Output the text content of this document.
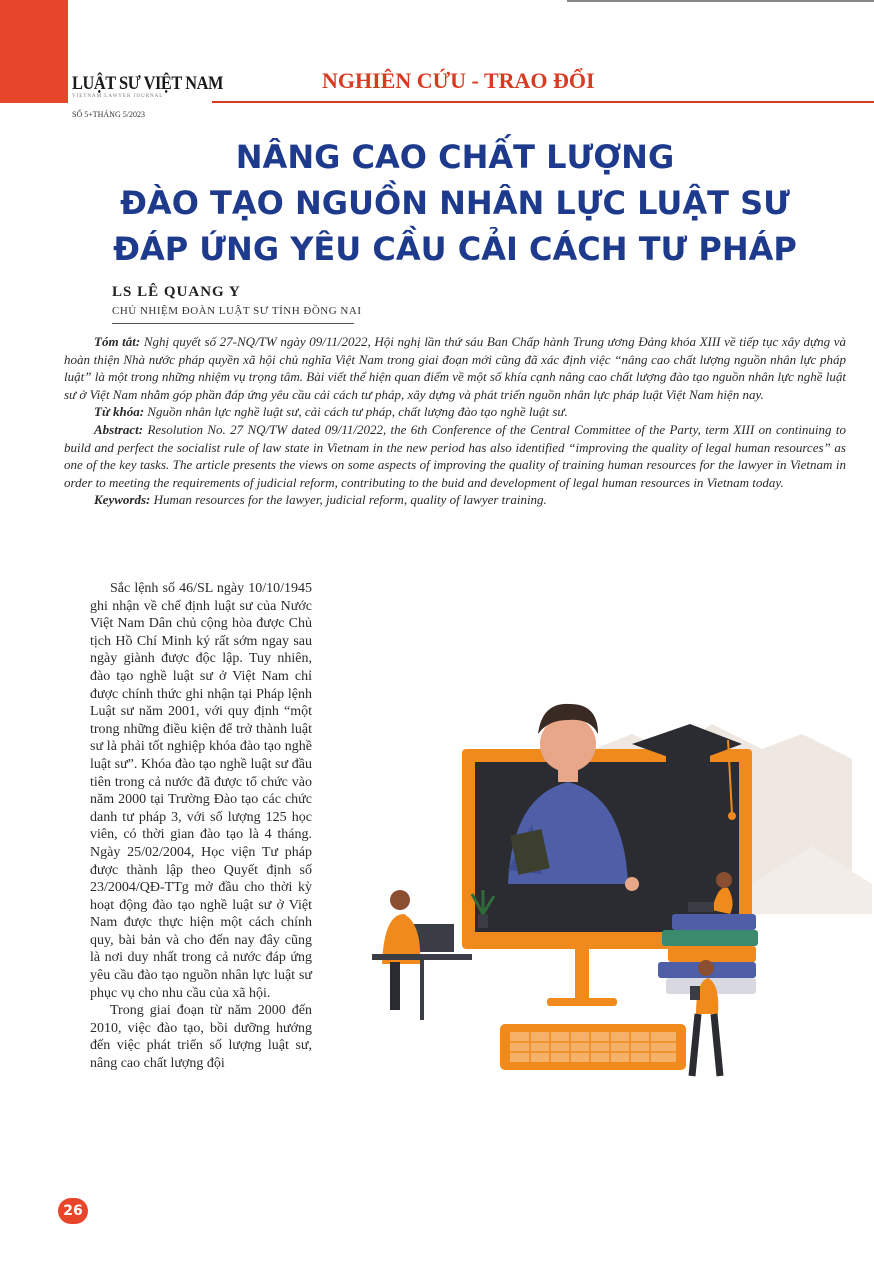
LUẬT SƯ VIỆT NAM
VIETNAM LAWYER JOURNAL
SỐ 5+THÁNG 5/2023
NGHIÊN CỨU - TRAO ĐỔI
NÂNG CAO CHẤT LƯỢNG
ĐÀO TẠO NGUỒN NHÂN LỰC LUẬT SƯ
ĐÁP ỨNG YÊU CẦU CẢI CÁCH TƯ PHÁP
LS LÊ QUANG Y
CHỦ NHIỆM ĐOÀN LUẬT SƯ TỈNH ĐỒNG NAI

Tóm tắt: Nghị quyết số 27-NQ/TW ngày 09/11/2022, Hội nghị lần thứ sáu Ban Chấp hành Trung ương Đảng khóa XIII về tiếp tục xây dựng và hoàn thiện Nhà nước pháp quyền xã hội chủ nghĩa Việt Nam trong giai đoạn mới cũng đã xác định việc “nâng cao chất lượng nguồn nhân lực pháp luật” là một trong những nhiệm vụ trọng tâm. Bài viết thể hiện quan điểm về một số khía cạnh nâng cao chất lượng đào tạo nguồn nhân lực nghề luật sư ở Việt Nam nhằm góp phần đáp ứng yêu cầu cải cách tư pháp, xây dựng và phát triển nguồn nhân lực pháp luật Việt Nam hiện nay.

Từ khóa: Nguồn nhân lực nghề luật sư, cải cách tư pháp, chất lượng đào tạo nghề luật sư.

Abstract: Resolution No. 27 NQ/TW dated 09/11/2022, the 6th Conference of the Central Committee of the Party, term XIII on continuing to build and perfect the socialist rule of law state in Vietnam in the new period has also identified “improving the quality of legal human resources” as one of the key tasks. The article presents the views on some aspects of improving the quality of training human resources for the lawyer in Vietnam in order to meeting the requirements of judicial reform, contributing to the buid and development of legal human resources in Vietnam today.

Keywords: Human resources for the lawyer, judicial reform, quality of lawyer training.

Sắc lệnh số 46/SL ngày 10/10/1945 ghi nhận về chế định luật sư của Nước Việt Nam Dân chủ cộng hòa được Chủ tịch Hồ Chí Minh ký rất sớm ngay sau ngày giành được độc lập. Tuy nhiên, đào tạo nghề luật sư ở Việt Nam chỉ được chính thức ghi nhận tại Pháp lệnh Luật sư năm 2001, với quy định “một trong những điều kiện để trở thành luật sư là phải tốt nghiệp khóa đào tạo nghề luật sư”. Khóa đào tạo nghề luật sư đầu tiên trong cả nước đã được tổ chức vào năm 2000 tại Trường Đào tạo các chức danh tư pháp 3, với số lượng 125 học viên, có thời gian đào tạo là 4 tháng. Ngày 25/02/2004, Học viện Tư pháp được thành lập theo Quyết định số 23/2004/QĐ-TTg mở đầu cho thời kỳ hoạt động đào tạo nghề luật sư ở Việt Nam được thực hiện một cách chính quy, bài bản và cho đến nay đây cũng là nơi duy nhất trong cả nước đáp ứng yêu cầu đào tạo nguồn nhân lực luật sư phục vụ cho nhu cầu của xã hội.

Trong giai đoạn từ năm 2000 đến 2010, việc đào tạo, bồi dưỡng hướng đến việc phát triển số lượng luật sư, nâng cao chất lượng đội

26
